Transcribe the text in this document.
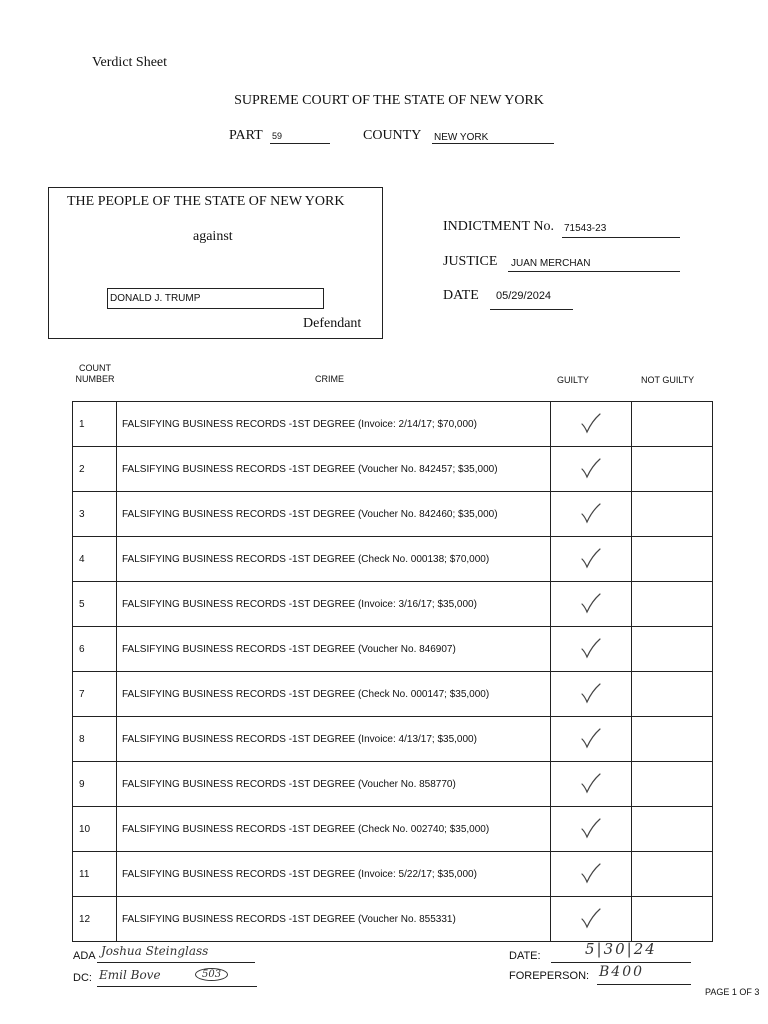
Verdict Sheet
SUPREME COURT OF THE STATE OF NEW YORK
PART 59	COUNTY NEW YORK
THE PEOPLE OF THE STATE OF NEW YORK
against
DONALD J. TRUMP
Defendant
INDICTMENT No. 71543-23
JUSTICE JUAN MERCHAN
DATE 05/29/2024
COUNT NUMBER	CRIME	GUILTY	NOT GUILTY
1	FALSIFYING BUSINESS RECORDS -1ST DEGREE (Invoice: 2/14/17; $70,000)		
2	FALSIFYING BUSINESS RECORDS -1ST DEGREE (Voucher No. 842457; $35,000)		
3	FALSIFYING BUSINESS RECORDS -1ST DEGREE (Voucher No. 842460; $35,000)		
4	FALSIFYING BUSINESS RECORDS -1ST DEGREE (Check No. 000138; $70,000)		
5	FALSIFYING BUSINESS RECORDS -1ST DEGREE (Invoice: 3/16/17; $35,000)		
6	FALSIFYING BUSINESS RECORDS -1ST DEGREE (Voucher No. 846907)		
7	FALSIFYING BUSINESS RECORDS -1ST DEGREE (Check No. 000147; $35,000)		
8	FALSIFYING BUSINESS RECORDS -1ST DEGREE (Invoice: 4/13/17; $35,000)		
9	FALSIFYING BUSINESS RECORDS -1ST DEGREE (Voucher No. 858770)		
10	FALSIFYING BUSINESS RECORDS -1ST DEGREE (Check No. 002740; $35,000)		
11	FALSIFYING BUSINESS RECORDS -1ST DEGREE (Invoice: 5/22/17; $35,000)		
12	FALSIFYING BUSINESS RECORDS -1ST DEGREE (Voucher No. 855331)		
ADA Joshua Steinglass
DC: Emil Bove	503
DATE:	5|30|24
FOREPERSON: B400
PAGE 1 OF 3
